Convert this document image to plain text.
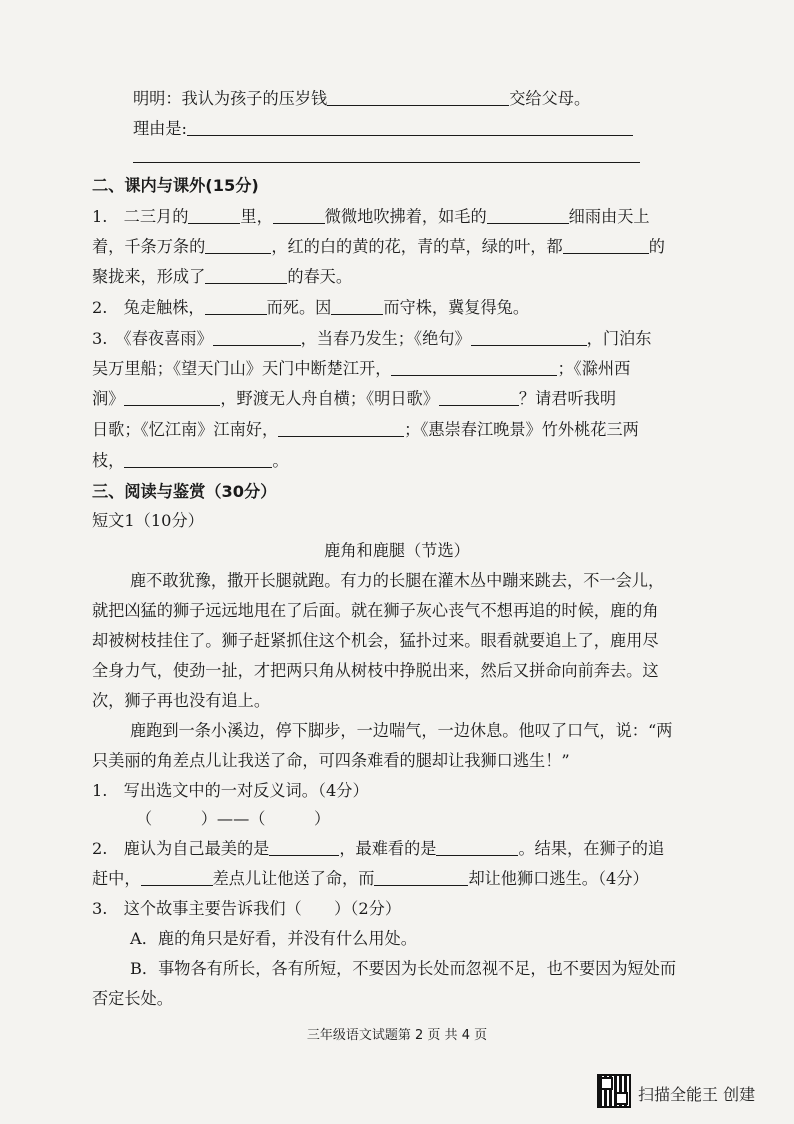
明明：我认为孩子的压岁钱	交给父母。
理由是:
二、课内与课外(15分)
1.　二三月的	里，	微微地吹拂着，如毛的	细雨由天上
着，千条万条的	，红的白的黄的花，青的草，绿的叶，都	的
聚拢来，形成了	的春天。
2.　兔走触株，	而死。因	而守株，冀复得兔。
3.　《春夜喜雨》	，当春乃发生；《绝句》	，门泊东
吴万里船；《望天门山》天门中断楚江开，	；《滁州西
涧》	，野渡无人舟自横；《明日歌》	？请君听我明
日歌；《忆江南》江南好，	；《惠崇春江晚景》竹外桃花三两
枝，	。
三、阅读与鉴赏（30分）
短文1（10分）
鹿角和鹿腿（节选）
鹿不敢犹豫，撒开长腿就跑。有力的长腿在灌木丛中蹦来跳去，不一会儿，
就把凶猛的狮子远远地甩在了后面。就在狮子灰心丧气不想再追的时候，鹿的角
却被树枝挂住了。狮子赶紧抓住这个机会，猛扑过来。眼看就要追上了，鹿用尽
全身力气，使劲一扯，才把两只角从树枝中挣脱出来，然后又拼命向前奔去。这
次，狮子再也没有追上。
鹿跑到一条小溪边，停下脚步，一边喘气，一边休息。他叹了口气，说：“两
只美丽的角差点儿让我送了命，可四条难看的腿却让我狮口逃生！”
1.　写出选文中的一对反义词。（4分）
（　　　）——（　　　）
2.　鹿认为自己最美的是	，最难看的是	。结果，在狮子的追
赶中，	差点儿让他送了命，而	却让他狮口逃生。（4分）
3.　这个故事主要告诉我们（　　）（2分）
A．鹿的角只是好看，并没有什么用处。
B．事物各有所长，各有所短，不要因为长处而忽视不足，也不要因为短处而
否定长处。
三年级语文试题第 2 页 共 4 页
扫描全能王 创建
